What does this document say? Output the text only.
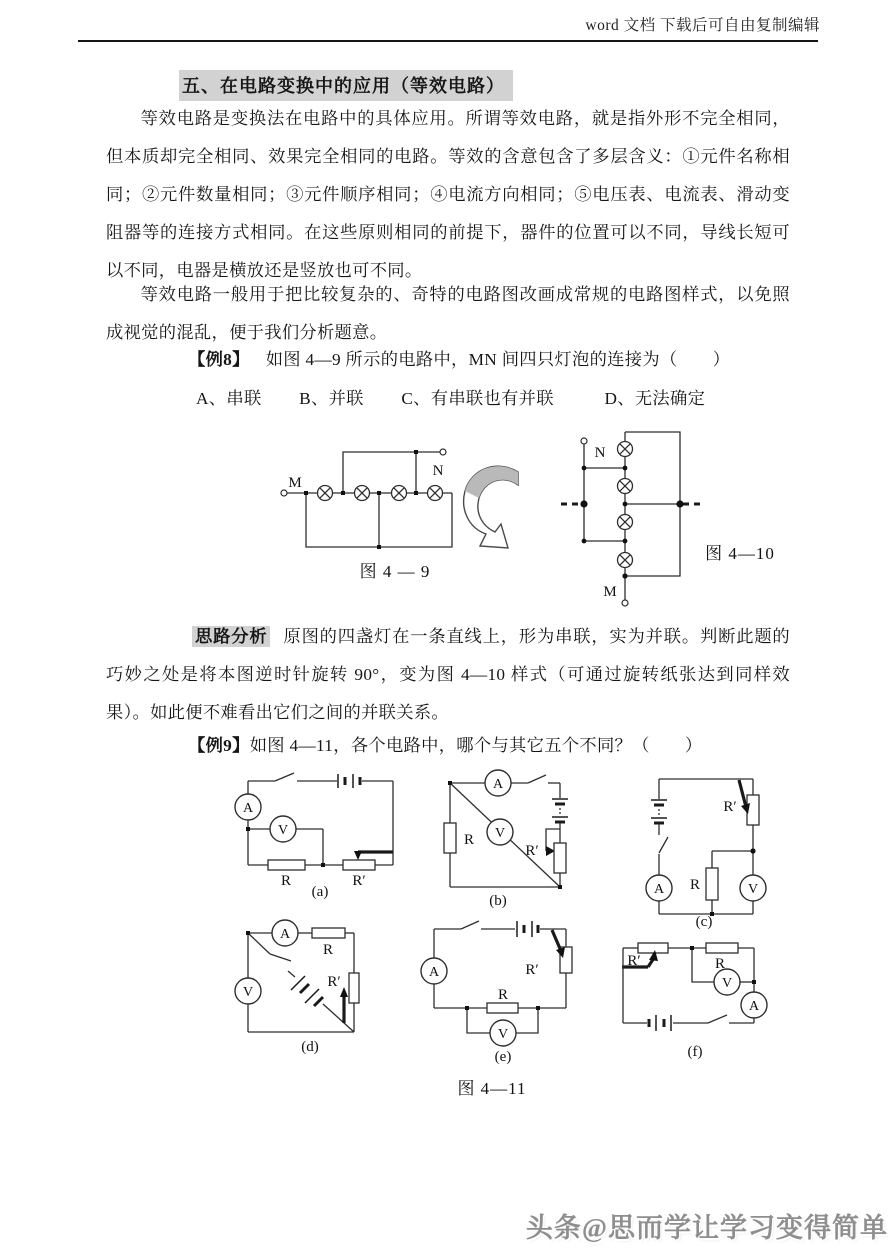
word 文档 下载后可自由复制编辑
五、在电路变换中的应用（等效电路）

等效电路是变换法在电路中的具体应用。所谓等效电路，就是指外形不完全相同，但本质却完全相同、效果完全相同的电路。等效的含意包含了多层含义：①元件名称相同；②元件数量相同；③元件顺序相同；④电流方向相同；⑤电压表、电流表、滑动变阻器等的连接方式相同。在这些原则相同的前提下，器件的位置可以不同，导线长短可以不同，电器是横放还是竖放也可不同。

等效电路一般用于把比较复杂的、奇特的电路图改画成常规的电路图样式，以免照成视觉的混乱，便于我们分析题意。

【例8】 如图 4—9 所示的电路中，MN 间四只灯泡的连接为（　　）

A、串联 B、并联 C、有串联也有并联	D、无法确定

M
N
图 4 — 9
N
M
图 4—10

思路分析 原图的四盏灯在一条直线上，形为串联，实为并联。判断此题的巧妙之处是将本图逆时针旋转 90°，变为图 4—10 样式（可通过旋转纸张达到同样效果）。如此便不难看出它们之间的并联关系。

【例9】如图 4—11，各个电路中，哪个与其它五个不同？（　　）

A
V
R	R′
(a)
A
V
R
R′
(b)
A	V
R′
R
(c)
A
V
R
R′
(d)
A
V
R′
R
(e)
V
A
R′	R
(f)
图 4—11
头条@思而学让学习变得简单
